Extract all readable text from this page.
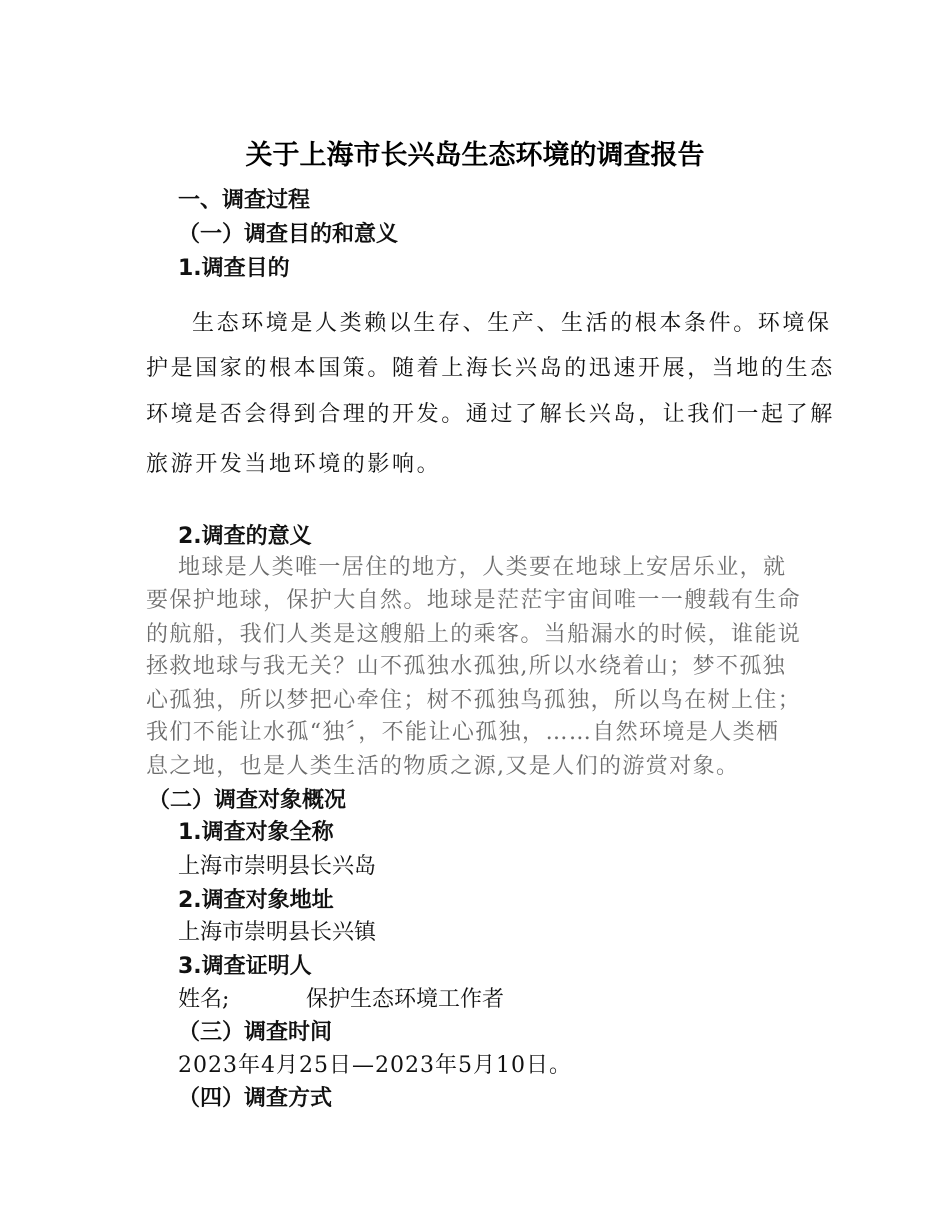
关于上海市长兴岛生态环境的调查报告
一、调查过程
（一）调查目的和意义
1.调查目的
生态环境是人类赖以生存、生产、生活的根本条件。环境保
护是国家的根本国策。随着上海长兴岛的迅速开展，当地的生态
环境是否会得到合理的开发。通过了解长兴岛，让我们一起了解
旅游开发当地环境的影响。
2.调查的意义
地球是人类唯一居住的地方，人类要在地球上安居乐业，就
要保护地球，保护大自然。地球是茫茫宇宙间唯一一艘载有生命
的航船，我们人类是这艘船上的乘客。当船漏水的时候，谁能说
拯救地球与我无关？山不孤独水孤独,所以水绕着山；梦不孤独
心孤独，所以梦把心牵住；树不孤独鸟孤独，所以鸟在树上住；
我们不能让水孤“独〞，不能让心孤独，……自然环境是人类栖
息之地，也是人类生活的物质之源,又是人们的游赏对象。
（二）调查对象概况
1.调查对象全称
上海市崇明县长兴岛
2.调查对象地址
上海市崇明县长兴镇
3.调查证明人
姓名;	保护生态环境工作者
（三）调查时间
2023年4月25日—2023年5月10日。
（四）调查方式
